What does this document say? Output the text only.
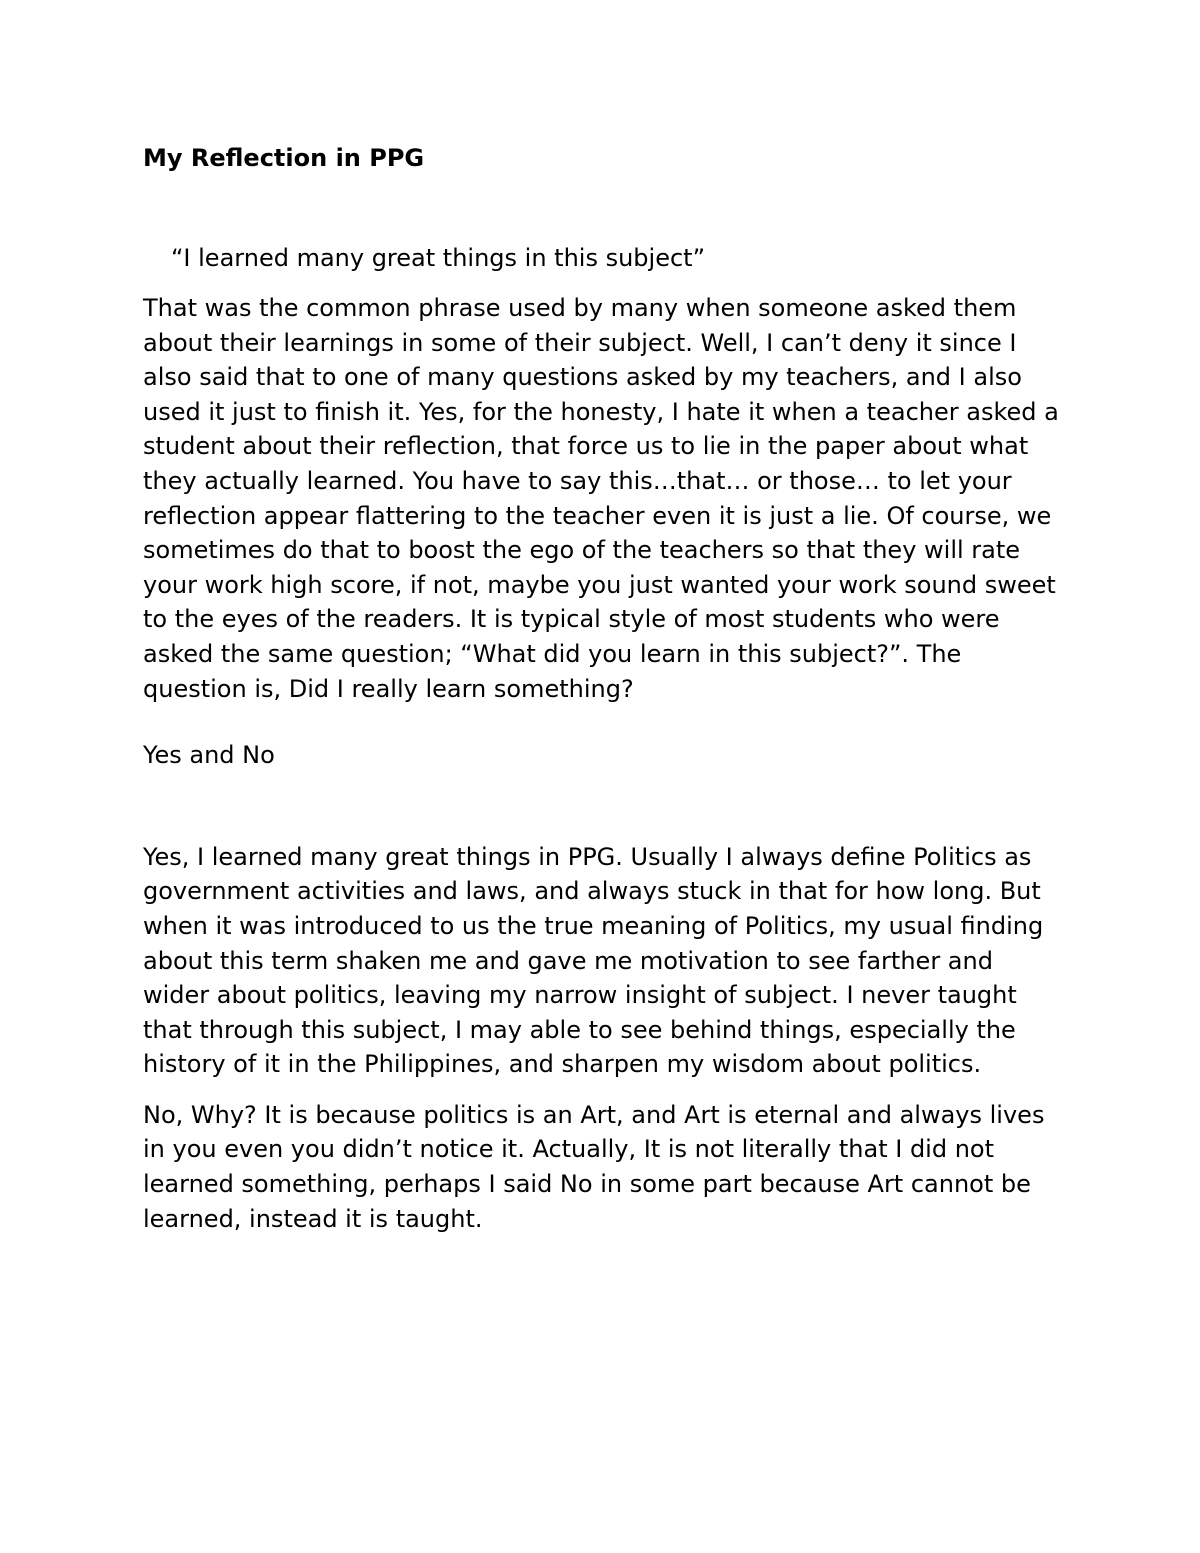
My Reflection in PPG

“I learned many great things in this subject”

That was the common phrase used by many when someone asked them about their learnings in some of their subject. Well, I can’t deny it since I also said that to one of many questions asked by my teachers, and I also used it just to finish it. Yes, for the honesty, I hate it when a teacher asked a student about their reflection, that force us to lie in the paper about what they actually learned. You have to say this…that… or those… to let your reflection appear flattering to the teacher even it is just a lie. Of course, we sometimes do that to boost the ego of the teachers so that they will rate your work high score, if not, maybe you just wanted your work sound sweet to the eyes of the readers. It is typical style of most students who were asked the same question; “What did you learn in this subject?”. The question is, Did I really learn something?

Yes and No

Yes, I learned many great things in PPG. Usually I always define Politics as government activities and laws, and always stuck in that for how long. But when it was introduced to us the true meaning of Politics, my usual finding about this term shaken me and gave me motivation to see farther and wider about politics, leaving my narrow insight of subject. I never taught that through this subject, I may able to see behind things, especially the history of it in the Philippines, and sharpen my wisdom about politics.

No, Why? It is because politics is an Art, and Art is eternal and always lives in you even you didn’t notice it. Actually, It is not literally that I did not learned something, perhaps I said No in some part because Art cannot be learned, instead it is taught.
